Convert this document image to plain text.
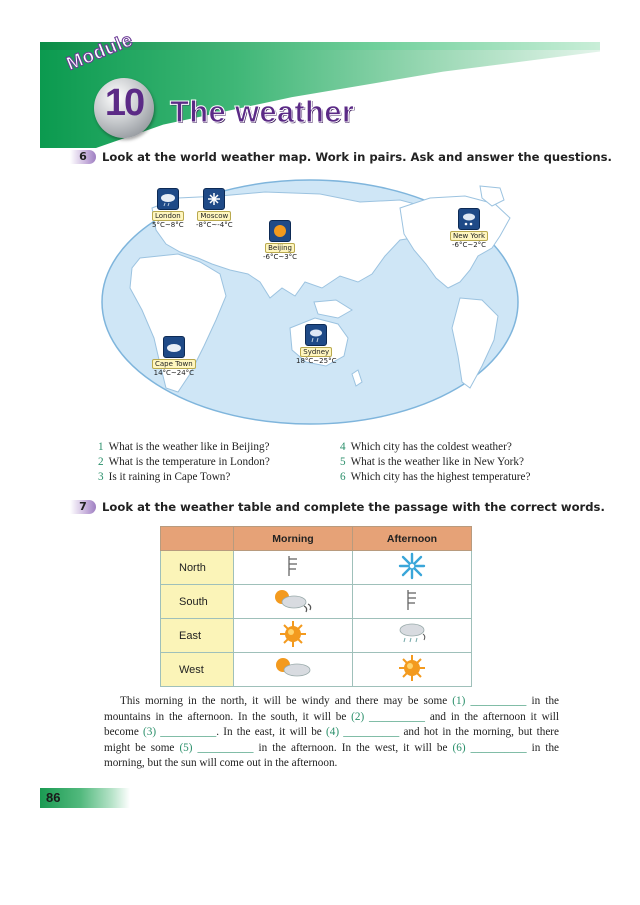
10
Module
The weather
6	Look at the world weather map. Work in pairs. Ask and answer the questions.
London
5°C~8°C
Moscow
-8°C~-4°C
Beijing
-6°C~3°C
New York
-6°C~2°C
Cape Town
14°C~24°C
Sydney
18°C~25°C
1 What is the weather like in Beijing?
2 What is the temperature in London?
3 Is it raining in Cape Town?
4 Which city has the coldest weather?
5 What is the weather like in New York?
6 Which city has the highest temperature?
7	Look at the weather table and complete the passage with the correct words.
	Morning	Afternoon
North		
South		
East		
West		

This morning in the north, it will be windy and there may be some (1) __________ in the mountains in the afternoon. In the south, it will be (2) __________ and in the afternoon it will become (3) __________. In the east, it will be (4) __________ and hot in the morning, but there might be some (5) __________ in the afternoon. In the west, it will be (6) __________ in the morning, but the sun will come out in the afternoon.

86
